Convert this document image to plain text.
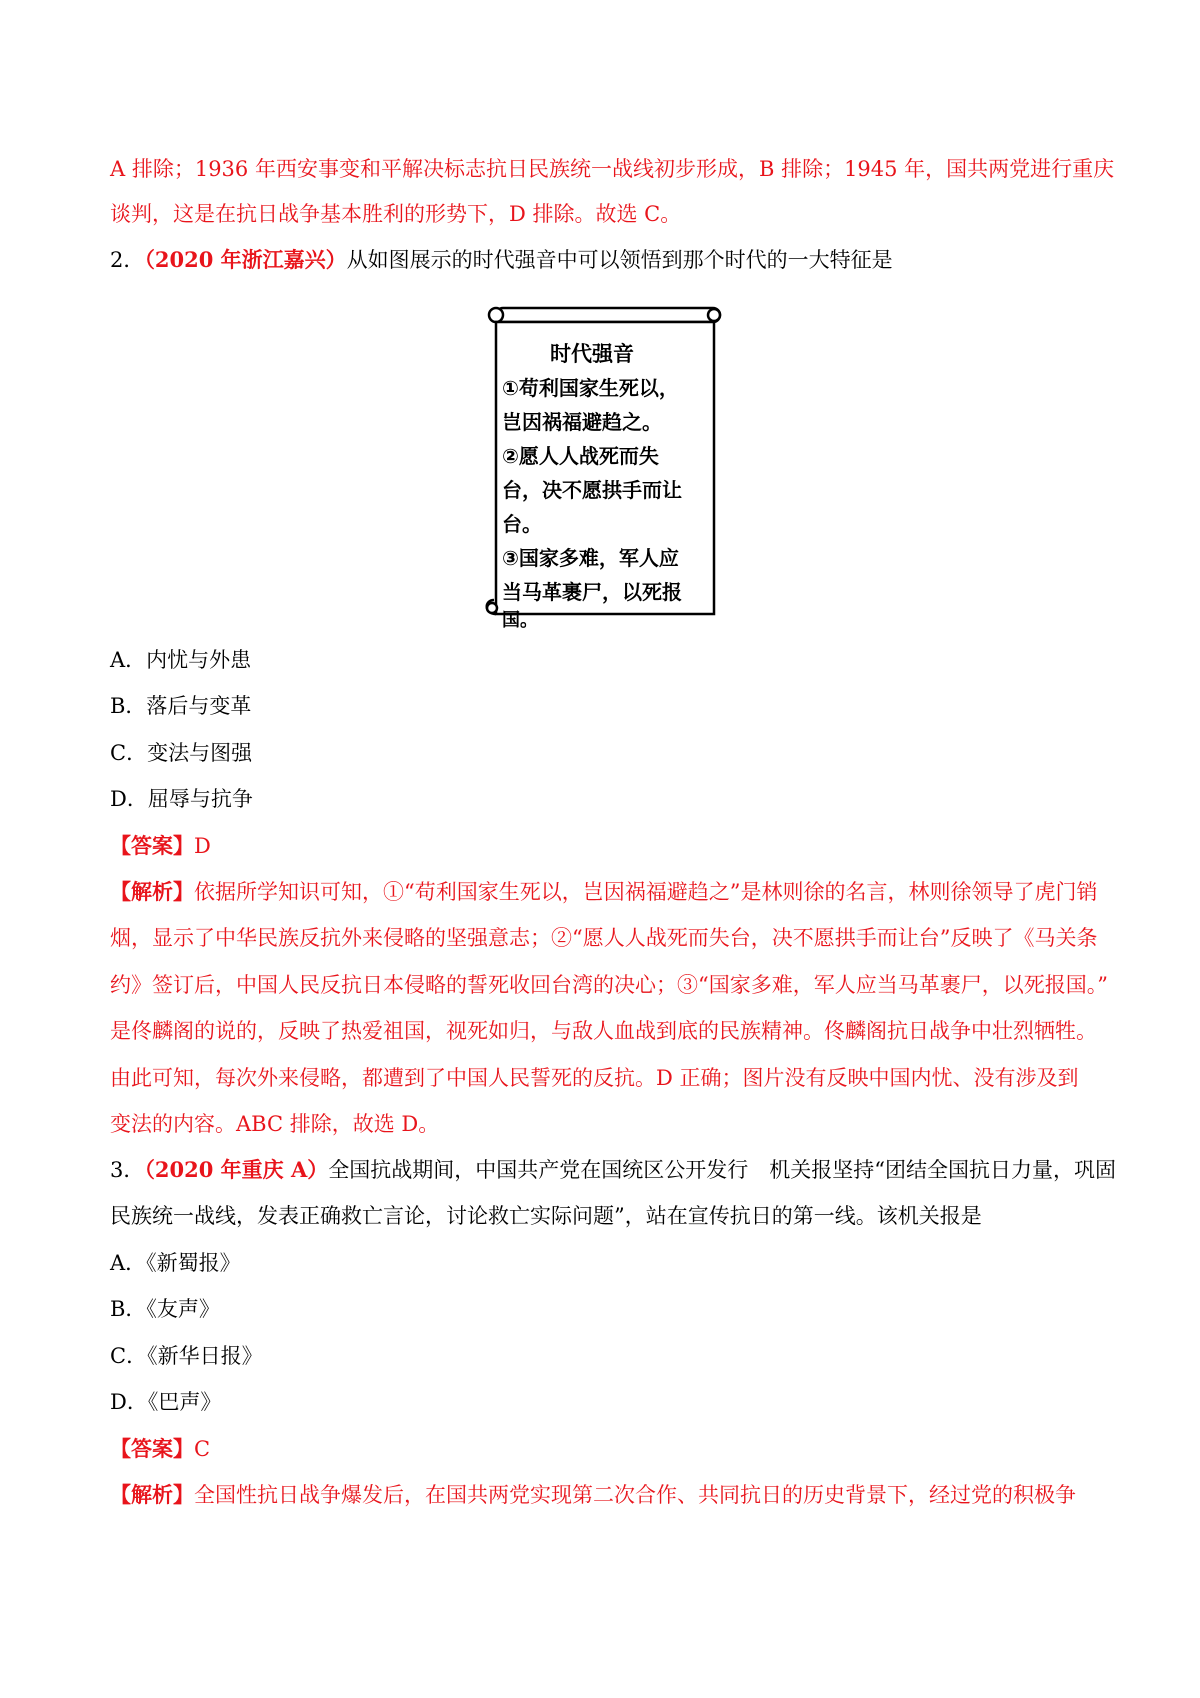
A 排除；1936 年西安事变和平解决标志抗日民族统一战线初步形成，B 排除；1945 年，国共两党进行重庆
谈判，这是在抗日战争基本胜利的形势下，D 排除。故选 C。
2．（2020 年浙江嘉兴）从如图展示的时代强音中可以领悟到那个时代的一大特征是
时代强音
①苟利国家生死以，
岂因祸福避趋之。
②愿人人战死而失
台，决不愿拱手而让
台。
③国家多难，军人应
当马革裹尸，以死报
国。
A．内忧与外患
B．落后与变革
C．变法与图强
D．屈辱与抗争
【答案】D
【解析】依据所学知识可知，①“苟利国家生死以，岂因祸福避趋之”是林则徐的名言，林则徐领导了虎门销
烟，显示了中华民族反抗外来侵略的坚强意志；②“愿人人战死而失台，决不愿拱手而让台”反映了《马关条
约》签订后，中国人民反抗日本侵略的誓死收回台湾的决心；③“国家多难，军人应当马革裹尸，以死报国。”
是佟麟阁的说的，反映了热爱祖国，视死如归，与敌人血战到底的民族精神。佟麟阁抗日战争中壮烈牺牲。
由此可知，每次外来侵略，都遭到了中国人民誓死的反抗。D 正确；图片没有反映中国内忧、没有涉及到
变法的内容。ABC 排除，故选 D。
3．（2020 年重庆 A）全国抗战期间，中国共产党在国统区公开发行　机关报坚持“团结全国抗日力量，巩固
民族统一战线，发表正确救亡言论，讨论救亡实际问题”，站在宣传抗日的第一线。该机关报是
A．《新蜀报》
B．《友声》
C．《新华日报》
D．《巴声》
【答案】C
【解析】全国性抗日战争爆发后，在国共两党实现第二次合作、共同抗日的历史背景下，经过党的积极争
